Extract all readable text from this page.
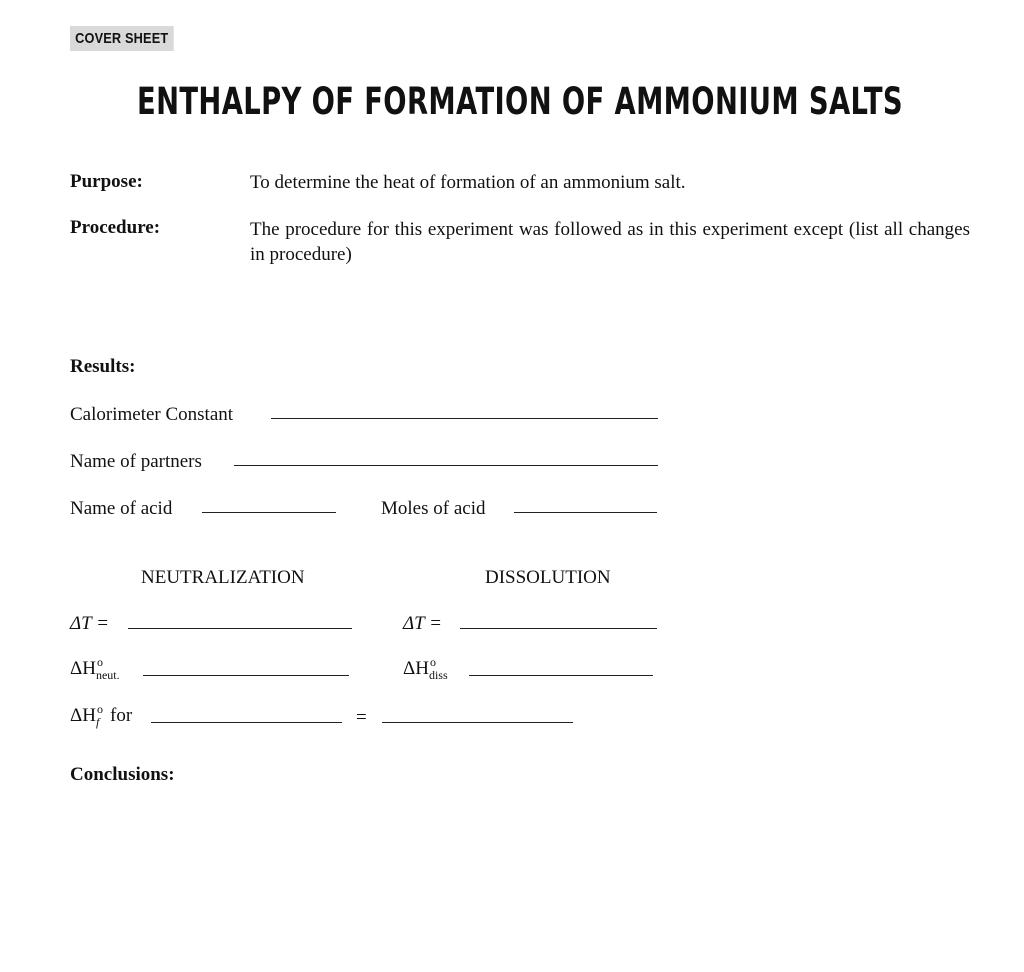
COVER SHEET
ENTHALPY OF FORMATION OF AMMONIUM SALTS
Purpose:	To determine the heat of formation of an ammonium salt.
Procedure:	The procedure for this experiment was followed as in this experiment except (list all changes in procedure)
Results:
Calorimeter Constant
Name of partners
Name of acid	Moles of acid
NEUTRALIZATION	DISSOLUTION
ΔT =	ΔT =
$\Delta H^o_{neut.}$	$\Delta H^o_{diss}$
$\Delta H^o_f$ for	=
Conclusions:
